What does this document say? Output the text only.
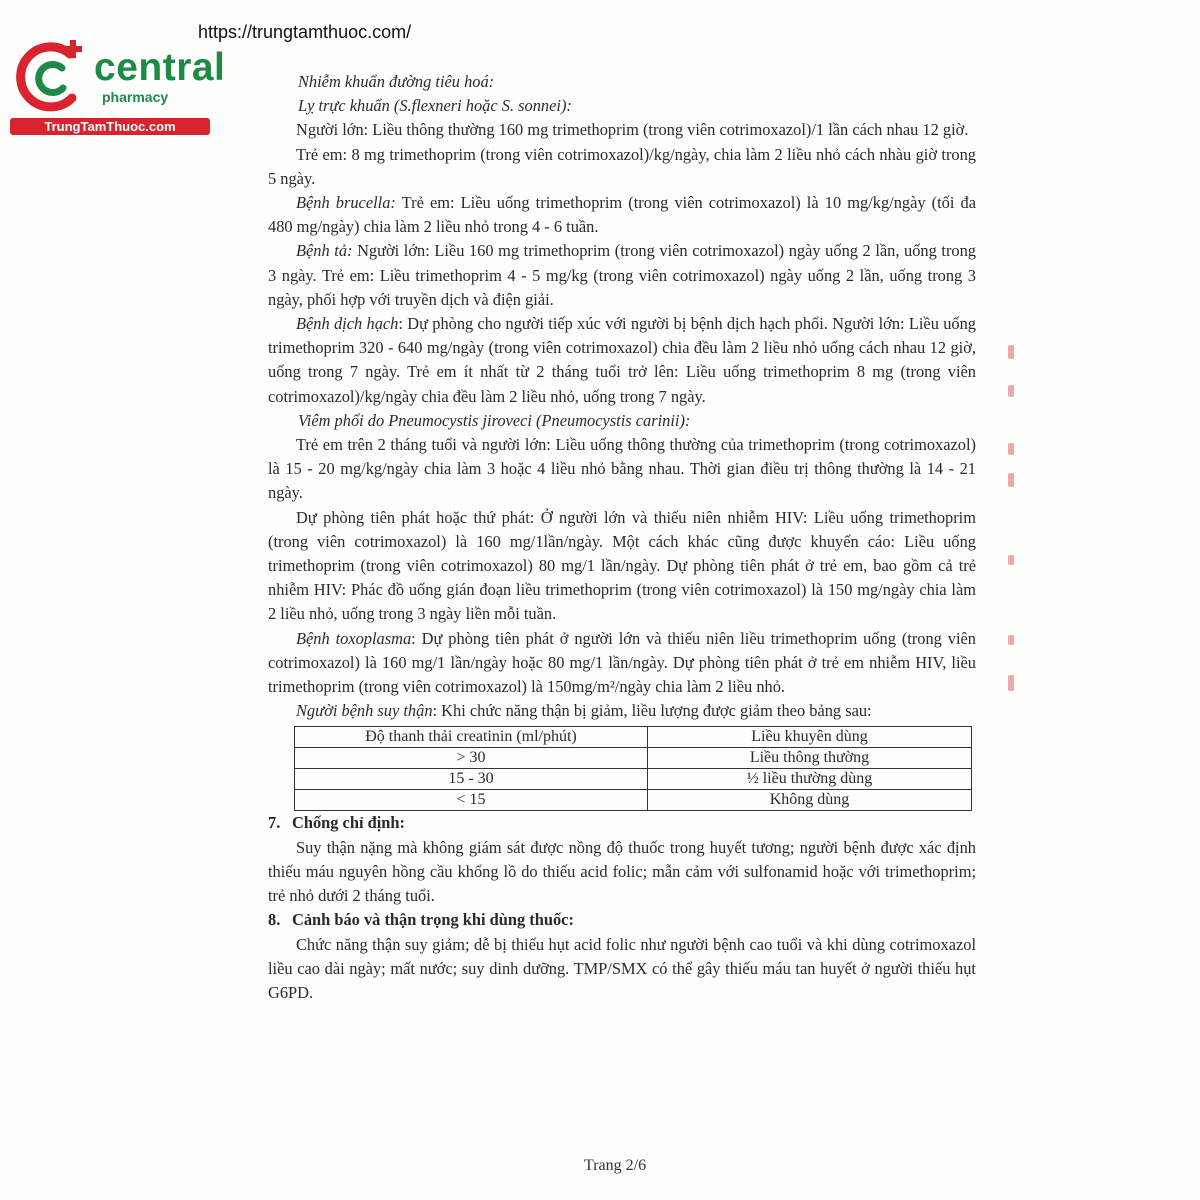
https://trungtamthuoc.com/
central
pharmacy
TrungTamThuoc.com

Nhiễm khuẩn đường tiêu hoá:

Lỵ trực khuẩn (S.flexneri hoặc S. sonnei):

Người lớn: Liều thông thường 160 mg trimethoprim (trong viên cotrimoxazol)/1 lần cách nhau 12 giờ.

Trẻ em: 8 mg trimethoprim (trong viên cotrimoxazol)/kg/ngày, chia làm 2 liều nhỏ cách nhàu giờ trong 5 ngày.

Bệnh brucella: Trẻ em: Liều uống trimethoprim (trong viên cotrimoxazol) là 10 mg/kg/ngày (tối đa 480 mg/ngày) chia làm 2 liều nhỏ trong 4 - 6 tuần.

Bệnh tả: Người lớn: Liều 160 mg trimethoprim (trong viên cotrimoxazol) ngày uống 2 lần, uống trong 3 ngày. Trẻ em: Liều trimethoprim 4 - 5 mg/kg (trong viên cotrimoxazol) ngày uống 2 lần, uống trong 3 ngày, phối hợp với truyền dịch và điện giải.

Bệnh dịch hạch: Dự phòng cho người tiếp xúc với người bị bệnh dịch hạch phổi. Người lớn: Liều uống trimethoprim 320 - 640 mg/ngày (trong viên cotrimoxazol) chia đều làm 2 liều nhỏ uống cách nhau 12 giờ, uống trong 7 ngày. Trẻ em ít nhất từ 2 tháng tuổi trở lên: Liều uống trimethoprim 8 mg (trong viên cotrimoxazol)/kg/ngày chia đều làm 2 liều nhỏ, uống trong 7 ngày.

Viêm phổi do Pneumocystis jiroveci (Pneumocystis carinii):

Trẻ em trên 2 tháng tuổi và người lớn: Liều uống thông thường của trimethoprim (trong cotrimoxazol) là 15 - 20 mg/kg/ngày chia làm 3 hoặc 4 liều nhỏ bằng nhau. Thời gian điều trị thông thường là 14 - 21 ngày.

Dự phòng tiên phát hoặc thứ phát: Ở người lớn và thiếu niên nhiễm HIV: Liều uống trimethoprim (trong viên cotrimoxazol) là 160 mg/1lần/ngày. Một cách khác cũng được khuyến cáo: Liều uống trimethoprim (trong viên cotrimoxazol) 80 mg/1 lần/ngày. Dự phòng tiên phát ở trẻ em, bao gồm cả trẻ nhiễm HIV: Phác đồ uống gián đoạn liều trimethoprim (trong viên cotrimoxazol) là 150 mg/ngày chia làm 2 liều nhỏ, uống trong 3 ngày liền mỗi tuần.

Bệnh toxoplasma: Dự phòng tiên phát ở người lớn và thiếu niên liều trimethoprim uống (trong viên cotrimoxazol) là 160 mg/1 lần/ngày hoặc 80 mg/1 lần/ngày. Dự phòng tiên phát ở trẻ em nhiễm HIV, liều trimethoprim (trong viên cotrimoxazol) là 150mg/m²/ngày chia làm 2 liều nhỏ.

Người bệnh suy thận: Khi chức năng thận bị giảm, liều lượng được giảm theo bảng sau:

Độ thanh thải creatinin (ml/phút)	Liều khuyên dùng
> 30	Liều thông thường
15 - 30	½ liều thường dùng
< 15	Không dùng

7. Chống chỉ định:

Suy thận nặng mà không giám sát được nồng độ thuốc trong huyết tương; người bệnh được xác định thiếu máu nguyên hồng cầu khổng lồ do thiếu acid folic; mẫn cảm với sulfonamid hoặc với trimethoprim; trẻ nhỏ dưới 2 tháng tuổi.

8. Cảnh báo và thận trọng khi dùng thuốc:

Chức năng thận suy giảm; dễ bị thiếu hụt acid folic như người bệnh cao tuổi và khi dùng cotrimoxazol liều cao dài ngày; mất nước; suy dinh dưỡng. TMP/SMX có thể gây thiếu máu tan huyết ở người thiếu hụt G6PD.

Trang 2/6
